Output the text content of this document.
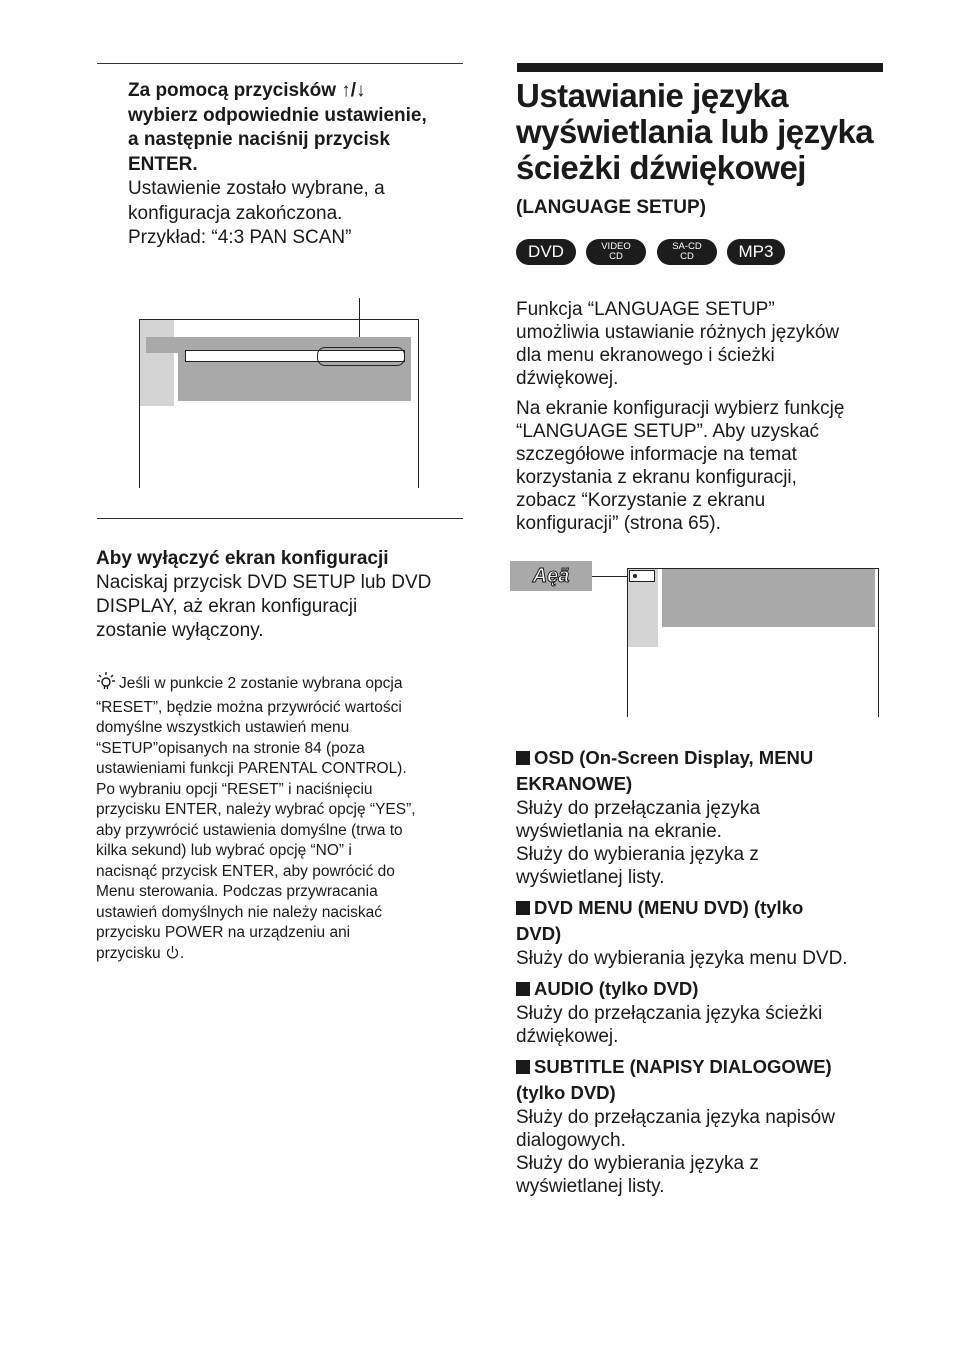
Za pomocą przycisków ↑/↓
wybierz odpowiednie ustawienie,
a następnie naciśnij przycisk
ENTER.
Ustawienie zostało wybrane, a
konfiguracja zakończona.
Przykład: “4:3 PAN SCAN”
Aby wyłączyć ekran konfiguracji
Naciskaj przycisk DVD SETUP lub DVD
DISPLAY, aż ekran konfiguracji
zostanie wyłączony.
Jeśli w punkcie 2 zostanie wybrana opcja
“RESET”, będzie można przywrócić wartości
domyślne wszystkich ustawień menu
“SETUP”opisanych na stronie 84 (poza
ustawieniami funkcji PARENTAL CONTROL).
Po wybraniu opcji “RESET” i naciśnięciu
przycisku ENTER, należy wybrać opcję “YES”,
aby przywrócić ustawienia domyślne (trwa to
kilka sekund) lub wybrać opcję “NO” i
nacisnąć przycisk ENTER, aby powrócić do
Menu sterowania. Podczas przywracania
ustawień domyślnych nie należy naciskać
przycisku POWER na urządzeniu ani
przycisku .
Ustawianie języka
wyświetlania lub języka
ścieżki dźwiękowej
(LANGUAGE SETUP)
DVD	VIDEO
CD
SA-CD
CD	MP3
Funkcja “LANGUAGE SETUP”
umożliwia ustawianie różnych języków
dla menu ekranowego i ścieżki
dźwiękowej.
Na ekranie konfiguracji wybierz funkcję
“LANGUAGE SETUP”. Aby uzyskać
szczegółowe informacje na temat
korzystania z ekranu konfiguracji,
zobacz “Korzystanie z ekranu
konfiguracji” (strona 65).
Aęä
OSD (On-Screen Display, MENU
EKRANOWE)
Służy do przełączania języka
wyświetlania na ekranie.
Służy do wybierania języka z
wyświetlanej listy.
DVD MENU (MENU DVD) (tylko
DVD)
Służy do wybierania języka menu DVD.
AUDIO (tylko DVD)
Służy do przełączania języka ścieżki
dźwiękowej.
SUBTITLE (NAPISY DIALOGOWE)
(tylko DVD)
Służy do przełączania języka napisów
dialogowych.
Służy do wybierania języka z
wyświetlanej listy.
